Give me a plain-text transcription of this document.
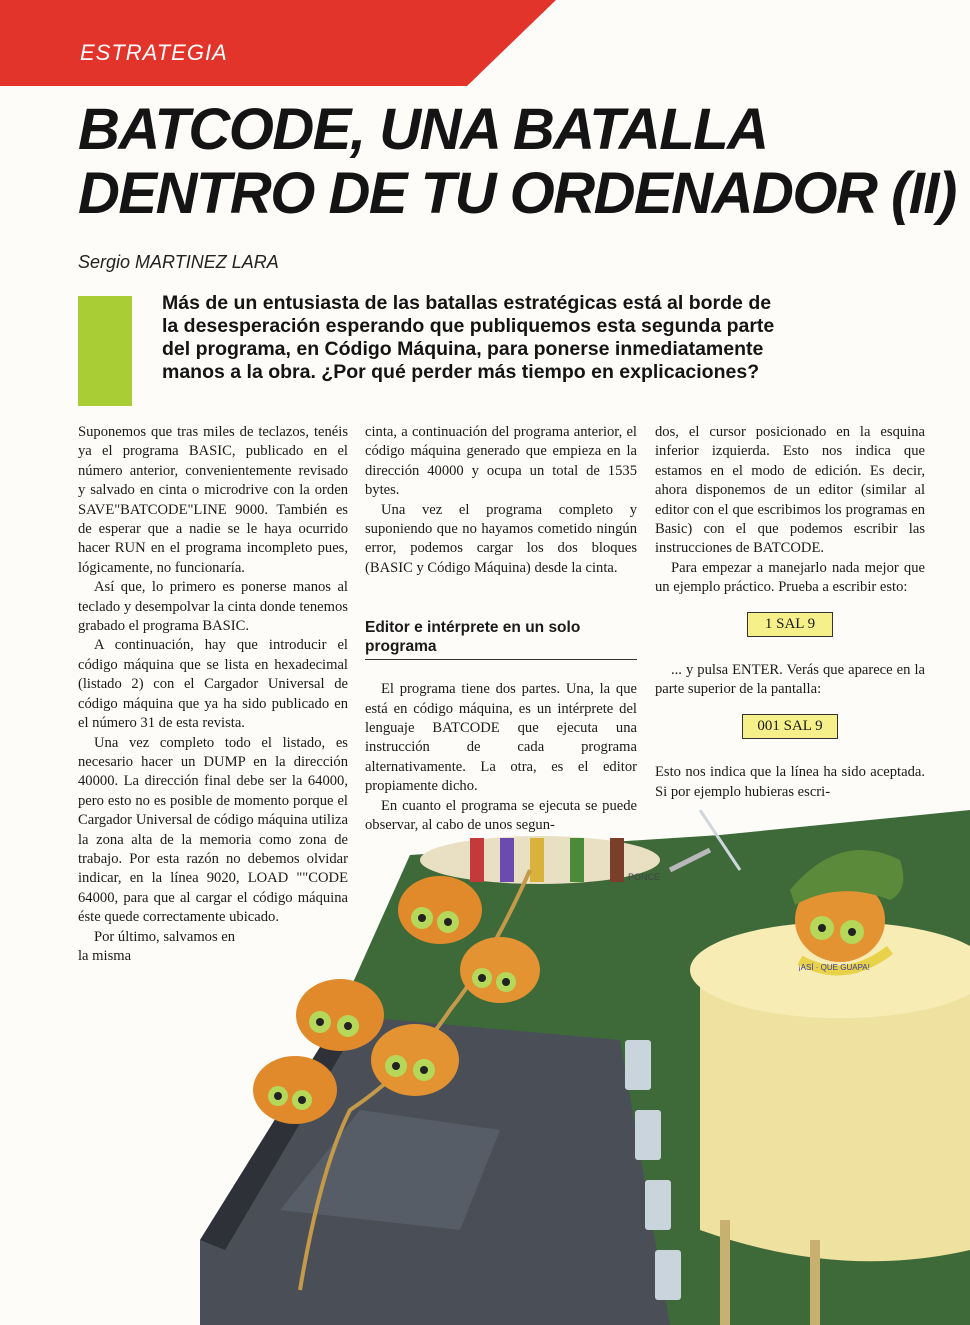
ESTRATEGIA
BATCODE, UNA BATALLA
DENTRO DE TU ORDENADOR (II)
Sergio MARTINEZ LARA
Más de un entusiasta de las batallas estratégicas está al borde de
la desesperación esperando que publiquemos esta segunda parte
del programa, en Código Máquina, para ponerse inmediatamente
manos a la obra. ¿Por qué perder más tiempo en explicaciones?

Suponemos que tras miles de teclazos, tenéis ya el programa BASIC, publicado en el número anterior, convenientemente revisado y salvado en cinta o microdrive con la orden SAVE"BATCODE"LINE 9000. También es de esperar que a nadie se le haya ocurrido hacer RUN en el programa incompleto pues, lógicamente, no funcionaría.

Así que, lo primero es ponerse manos al teclado y desempolvar la cinta donde tenemos grabado el programa BASIC.

A continuación, hay que introducir el código máquina que se lista en hexadecimal (listado 2) con el Cargador Universal de código máquina que ya ha sido publicado en el número 31 de esta revista.

Una vez completo todo el listado, es necesario hacer un DUMP en la dirección 40000. La dirección final debe ser la 64000, pero esto no es posible de momento porque el Cargador Universal de código máquina utiliza la zona alta de la memoria como zona de trabajo. Por esta razón no debemos olvidar indicar, en la línea 9020, LOAD ""CODE 64000, para que al cargar el código máquina éste quede correctamente ubicado.

Por último, salvamos en la misma

cinta, a continuación del programa anterior, el código máquina generado que empieza en la dirección 40000 y ocupa un total de 1535 bytes.

Una vez el programa completo y suponiendo que no hayamos cometido ningún error, podemos cargar los dos bloques (BASIC y Código Máquina) desde la cinta.

Editor e intérprete en un solo programa

El programa tiene dos partes. Una, la que está en código máquina, es un intérprete del lenguaje BATCODE que ejecuta una instrucción de cada programa alternativamente. La otra, es el editor propiamente dicho.

En cuanto el programa se ejecuta se puede observar, al cabo de unos segun-

dos, el cursor posicionado en la esquina inferior izquierda. Esto nos indica que estamos en el modo de edición. Es decir, ahora disponemos de un editor (similar al editor con el que escribimos los programas en Basic) con el que podemos escribir las instrucciones de BATCODE.

Para empezar a manejarlo nada mejor que un ejemplo práctico. Prueba a escribir esto:

1 SAL 9

... y pulsa ENTER. Verás que aparece en la parte superior de la pantalla:

001 SAL 9

Esto nos indica que la línea ha sido aceptada. Si por ejemplo hubieras escri-

PONCE
¡ASÍ · QUE GUAPA!
